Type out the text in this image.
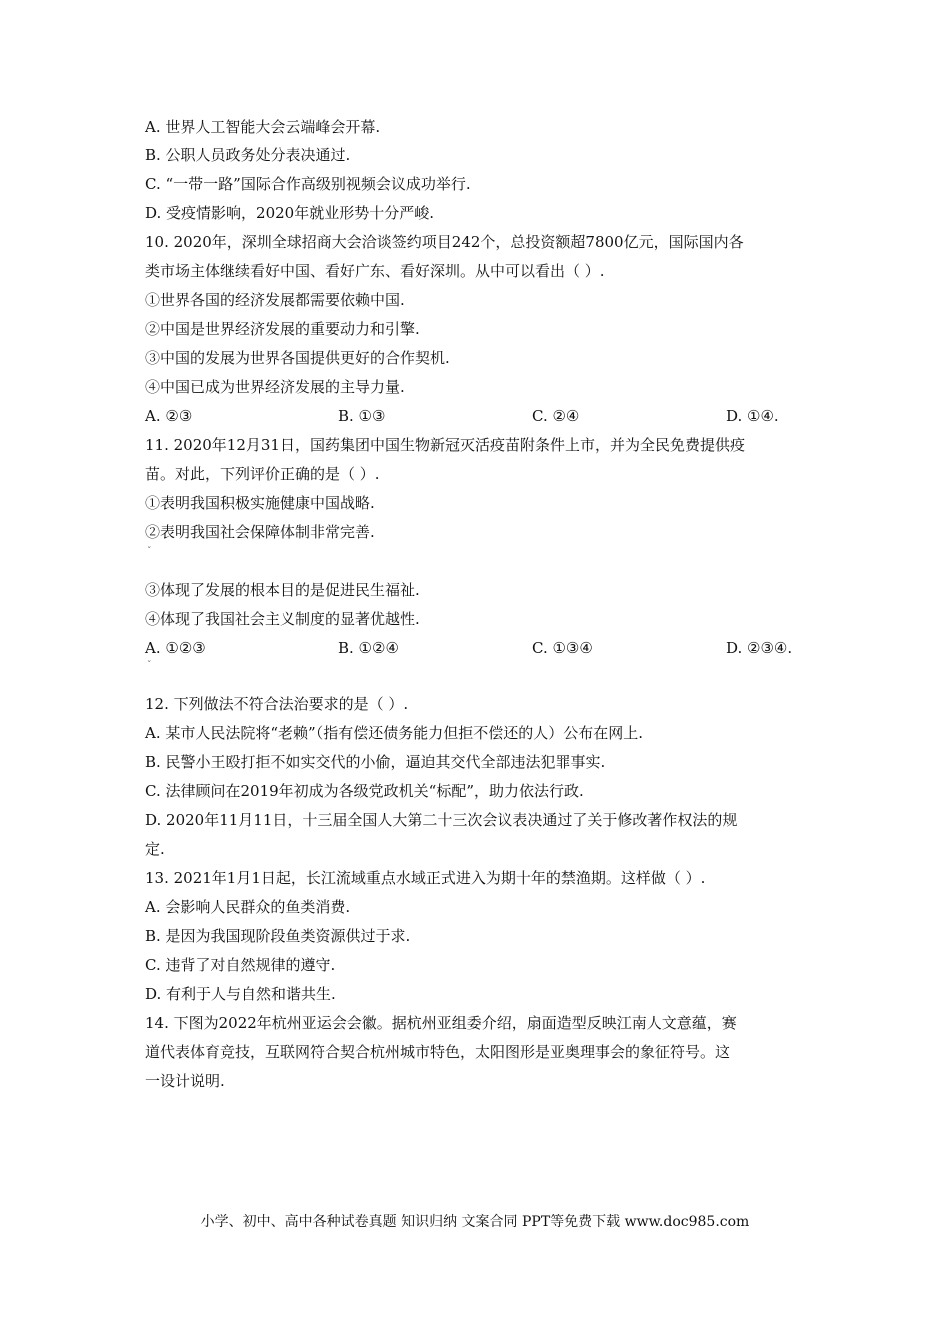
A. 世界人工智能大会云端峰会开幕.
B. 公职人员政务处分表决通过.
C. “一带一路”国际合作高级别视频会议成功举行.
D. 受疫情影响，2020年就业形势十分严峻.
10. 2020年，深圳全球招商大会洽谈签约项目242个，总投资额超7800亿元，国际国内各
类市场主体继续看好中国、看好广东、看好深圳。从中可以看出（ ）.
①世界各国的经济发展都需要依赖中国.
②中国是世界经济发展的重要动力和引擎.
③中国的发展为世界各国提供更好的合作契机.
④中国已成为世界经济发展的主导力量.
A. ②③	B. ①③	C. ②④	D. ①④.
11. 2020年12月31日，国药集团中国生物新冠灭活疫苗附条件上市，并为全民免费提供疫
苗。对此，下列评价正确的是（ ）.
①表明我国积极实施健康中国战略.
②表明我国社会保障体制非常完善.
ˇ
③体现了发展的根本目的是促进民生福祉.
④体现了我国社会主义制度的显著优越性.
A. ①②③	B. ①②④	C. ①③④	D. ②③④.
ˇ
12. 下列做法不符合法治要求的是（ ）.
A. 某市人民法院将“老赖”（指有偿还债务能力但拒不偿还的人）公布在网上.
B. 民警小王殴打拒不如实交代的小偷，逼迫其交代全部违法犯罪事实.
C. 法律顾问在2019年初成为各级党政机关“标配”，助力依法行政.
D. 2020年11月11日，十三届全国人大第二十三次会议表决通过了关于修改著作权法的规
定.
13. 2021年1月1日起，长江流域重点水域正式进入为期十年的禁渔期。这样做（ ）.
A. 会影响人民群众的鱼类消费.
B. 是因为我国现阶段鱼类资源供过于求.
C. 违背了对自然规律的遵守.
D. 有利于人与自然和谐共生.
14. 下图为2022年杭州亚运会会徽。据杭州亚组委介绍，扇面造型反映江南人文意蕴，赛
道代表体育竞技，互联网符合契合杭州城市特色，太阳图形是亚奥理事会的象征符号。这
一设计说明.
小学、初中、高中各种试卷真题 知识归纳 文案合同 PPT等免费下载 www.doc985.com
